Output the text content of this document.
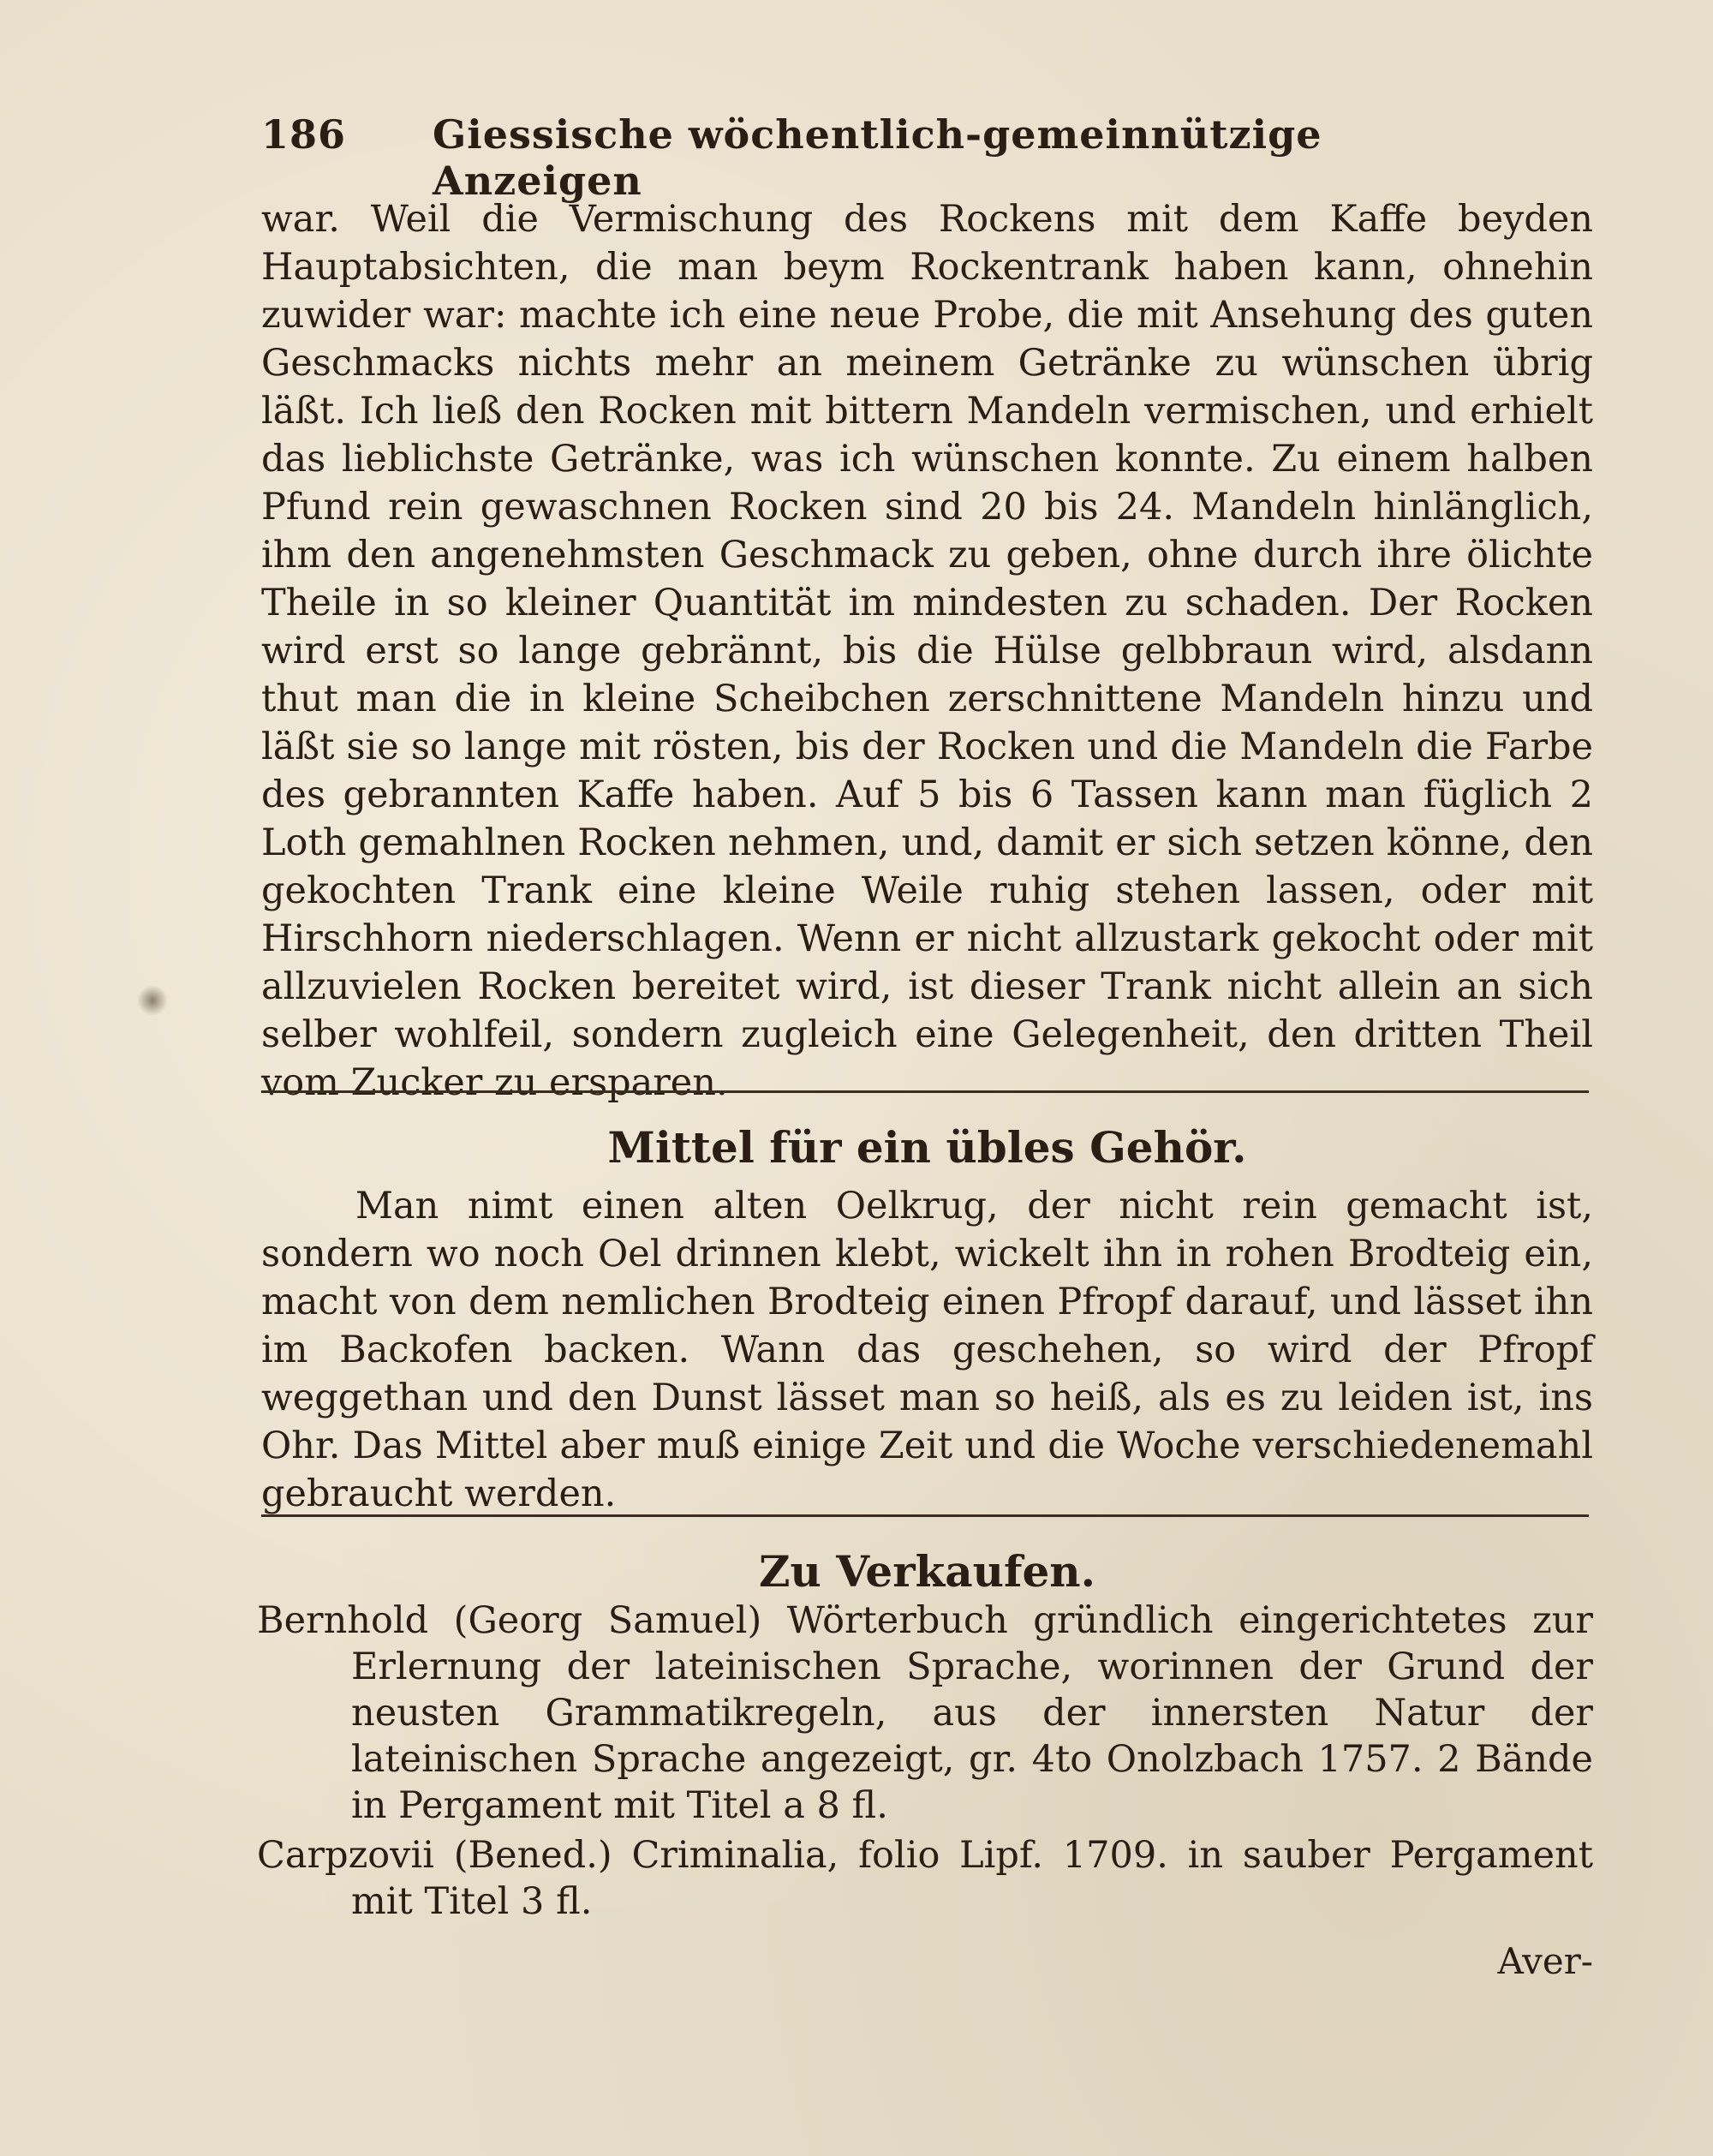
186 Giessische wöchentlich-gemeinnützige Anzeigen

war. Weil die Vermischung des Rockens mit dem Kaffe beyden Hauptabsichten, die man beym Rockentrank haben kann, ohnehin zuwider war: machte ich eine neue Probe, die mit Ansehung des guten Geschmacks nichts mehr an meinem Getränke zu wünschen übrig läßt. Ich ließ den Rocken mit bittern Mandeln vermischen, und erhielt das lieblichste Getränke, was ich wünschen konnte. Zu einem halben Pfund rein gewaschnen Rocken sind 20 bis 24. Mandeln hinlänglich, ihm den angenehmsten Geschmack zu geben, ohne durch ihre ölichte Theile in so kleiner Quantität im mindesten zu schaden. Der Rocken wird erst so lange gebrännt, bis die Hülse gelbbraun wird, alsdann thut man die in kleine Scheibchen zerschnittene Mandeln hinzu und läßt sie so lange mit rösten, bis der Rocken und die Mandeln die Farbe des gebrannten Kaffe haben. Auf 5 bis 6 Tassen kann man füglich 2 Loth gemahlnen Rocken nehmen, und, damit er sich setzen könne, den gekochten Trank eine kleine Weile ruhig stehen lassen, oder mit Hirschhorn niederschlagen. Wenn er nicht allzustark gekocht oder mit allzuvielen Rocken bereitet wird, ist dieser Trank nicht allein an sich selber wohlfeil, sondern zugleich eine Gelegenheit, den dritten Theil vom Zucker zu ersparen.

Mittel für ein übles Gehör.

Man nimt einen alten Oelkrug, der nicht rein gemacht ist, sondern wo noch Oel drinnen klebt, wickelt ihn in rohen Brodteig ein, macht von dem nemlichen Brodteig einen Pfropf darauf, und lässet ihn im Backofen backen. Wann das geschehen, so wird der Pfropf weggethan und den Dunst lässet man so heiß, als es zu leiden ist, ins Ohr. Das Mittel aber muß einige Zeit und die Woche verschiedenemahl gebraucht werden.

Zu Verkaufen.

Bernhold (Georg Samuel) Wörterbuch gründlich eingerichtetes zur Erlernung der lateinischen Sprache, worinnen der Grund der neusten Grammatikregeln, aus der innersten Natur der lateinischen Sprache angezeigt, gr. 4to Onolzbach 1757. 2 Bände in Pergament mit Titel a 8 fl.

Carpzovii (Bened.) Criminalia, folio Lipf. 1709. in sauber Pergament mit Titel 3 fl.

Aver-
